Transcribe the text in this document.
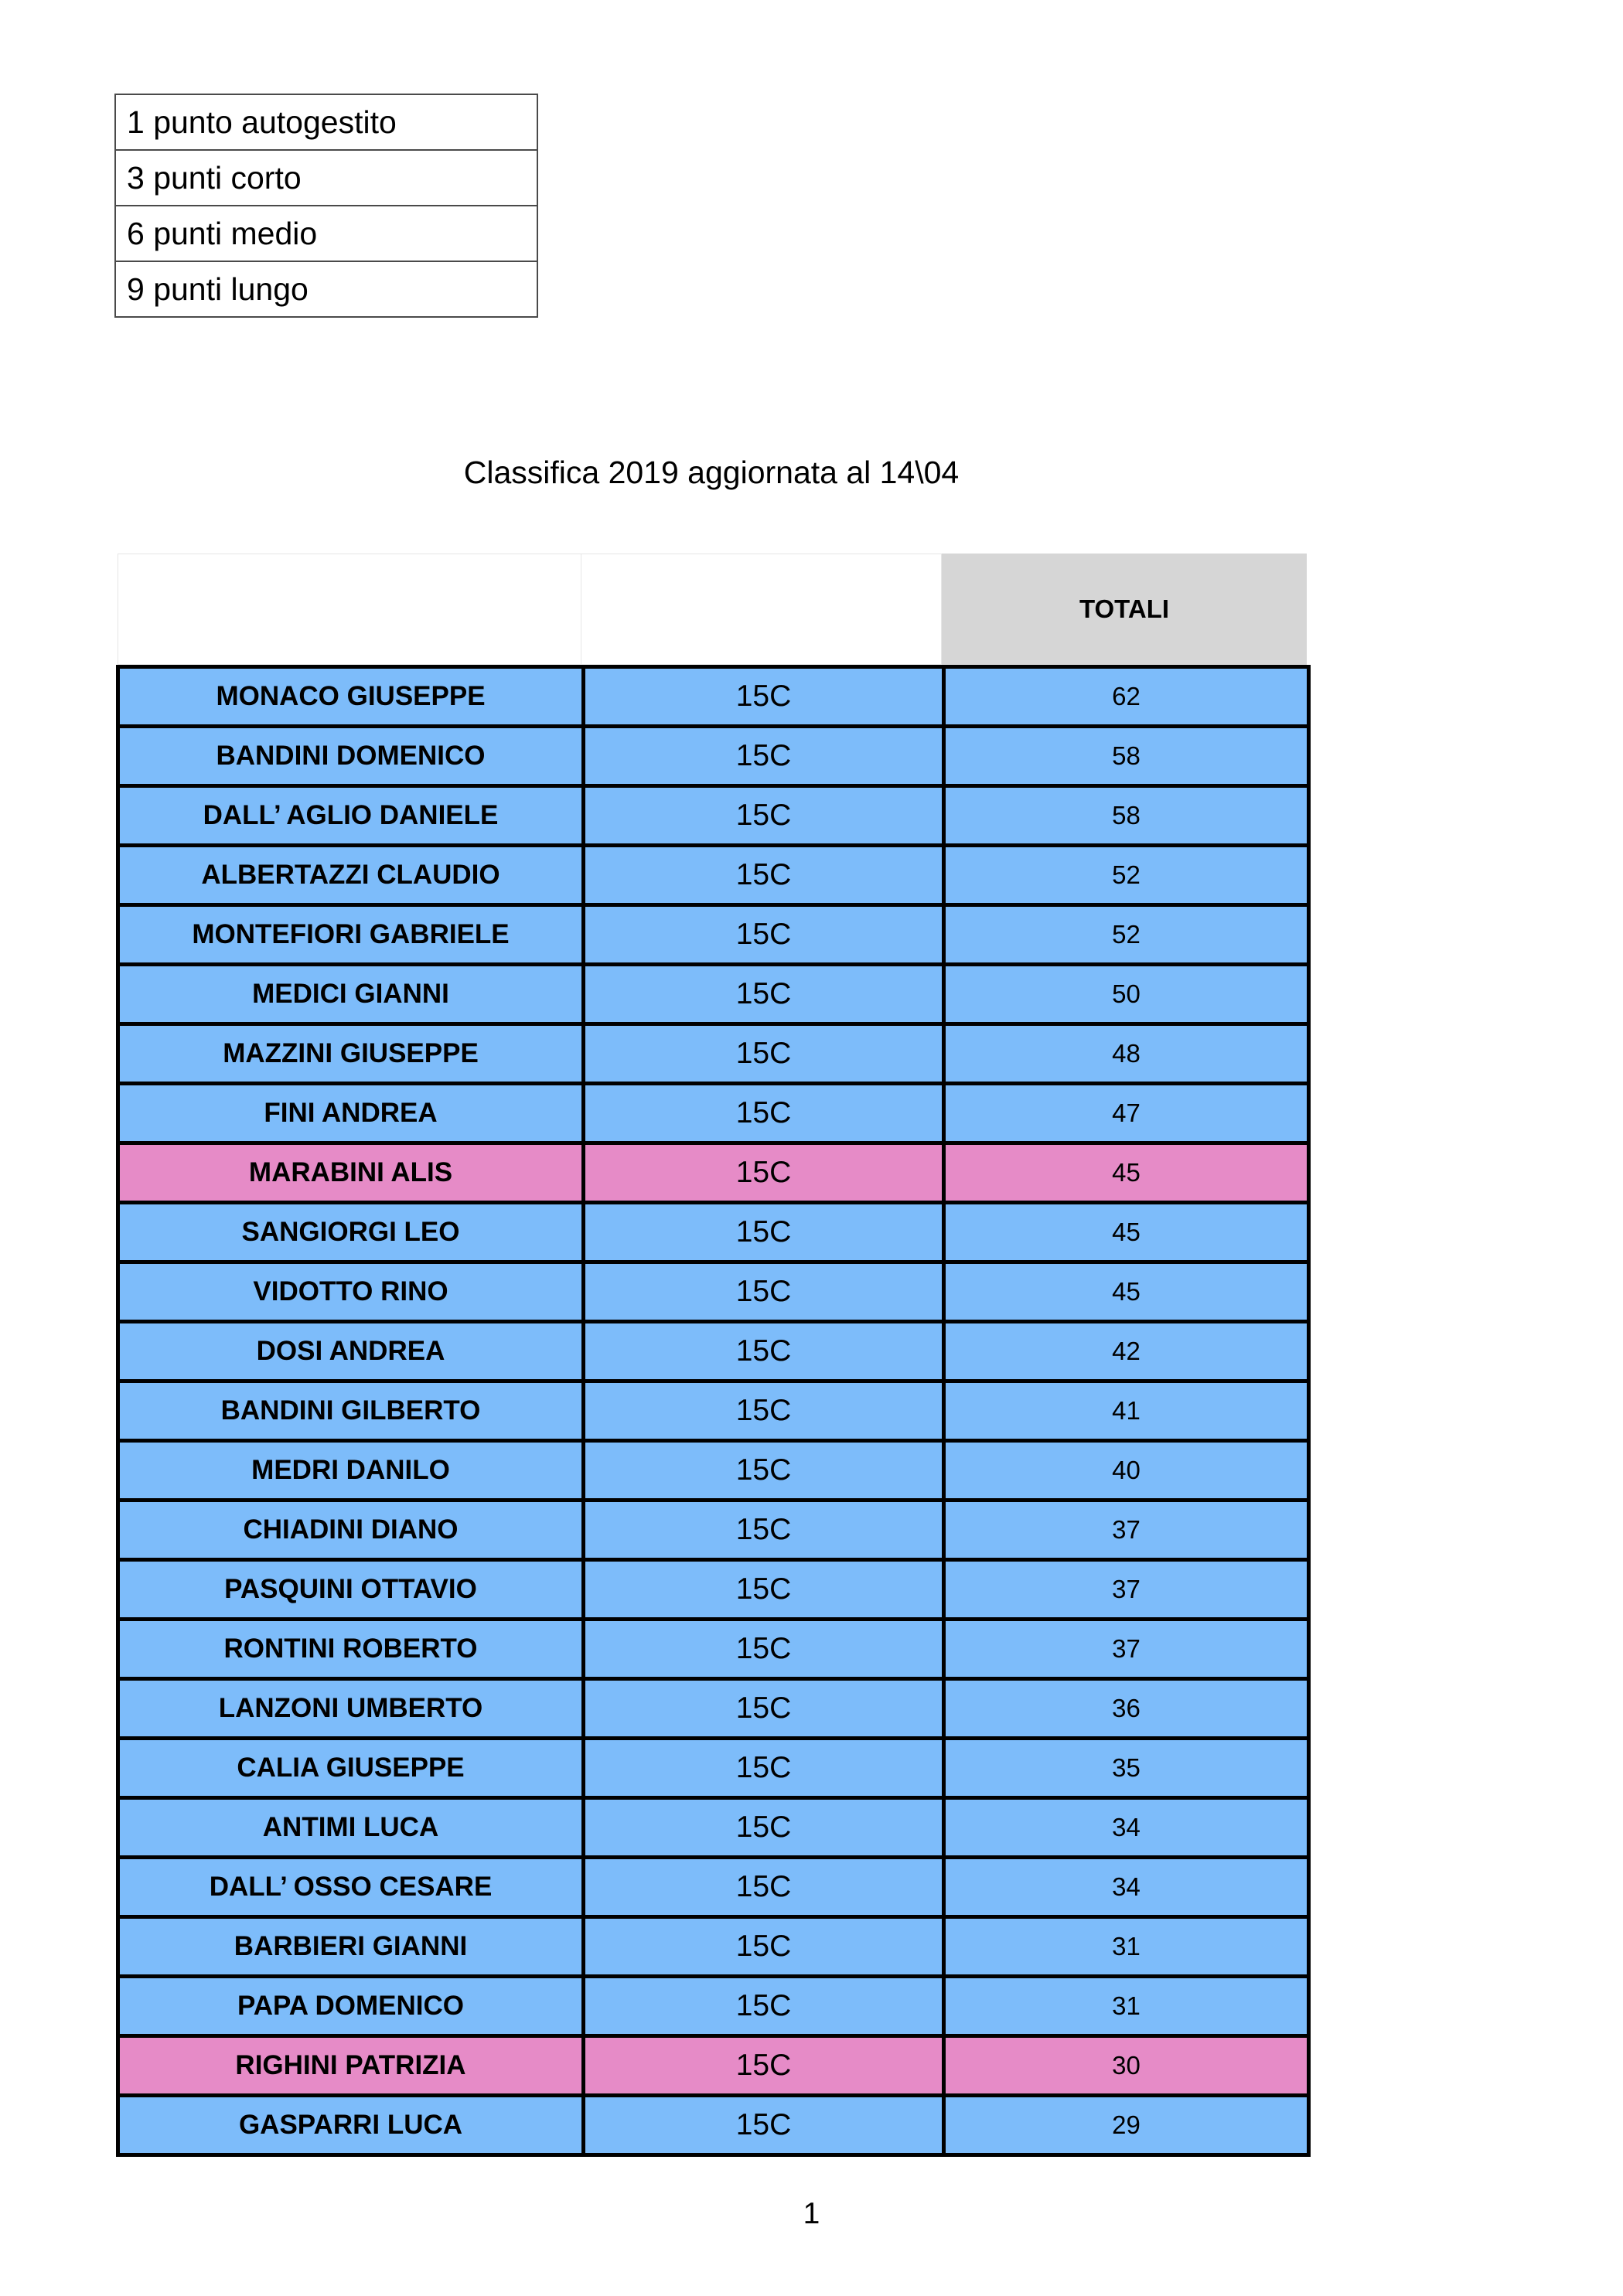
1 punto autogestito
3 punti corto
6 punti medio
9 punti lungo
Classifica 2019 aggiornata al 14\04
TOTALI
MONACO GIUSEPPE	15C	62
BANDINI DOMENICO	15C	58
DALL’ AGLIO DANIELE	15C	58
ALBERTAZZI CLAUDIO	15C	52
MONTEFIORI GABRIELE	15C	52
MEDICI GIANNI	15C	50
MAZZINI GIUSEPPE	15C	48
FINI ANDREA	15C	47
MARABINI ALIS	15C	45
SANGIORGI LEO	15C	45
VIDOTTO RINO	15C	45
DOSI ANDREA	15C	42
BANDINI GILBERTO	15C	41
MEDRI DANILO	15C	40
CHIADINI DIANO	15C	37
PASQUINI OTTAVIO	15C	37
RONTINI ROBERTO	15C	37
LANZONI UMBERTO	15C	36
CALIA GIUSEPPE	15C	35
ANTIMI LUCA	15C	34
DALL’ OSSO CESARE	15C	34
BARBIERI GIANNI	15C	31
PAPA DOMENICO	15C	31
RIGHINI PATRIZIA	15C	30
GASPARRI LUCA	15C	29
1
